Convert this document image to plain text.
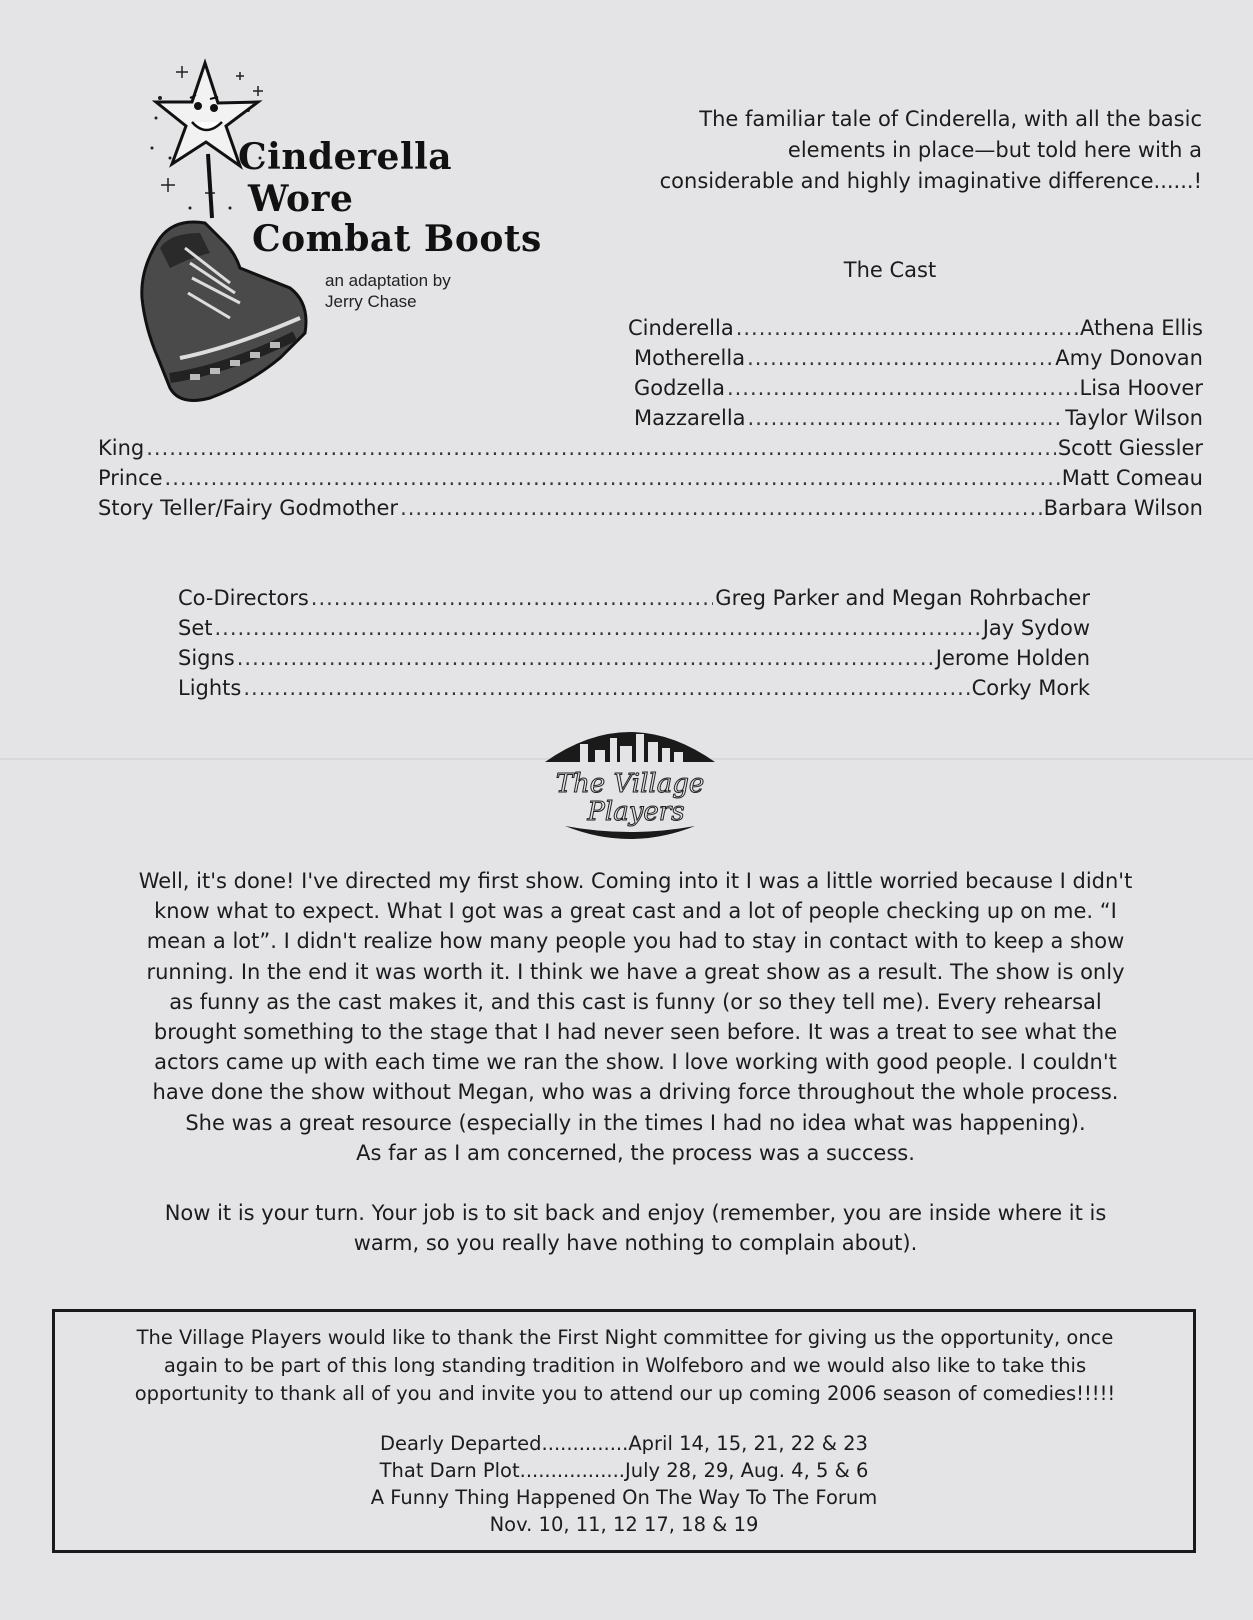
Cinderella
Wore
Combat Boots
an adaptation by
Jerry Chase
The familiar tale of Cinderella, with all the basic
elements in place—but told here with a
considerable and highly imaginative difference......!
The Cast
Cinderella .....	Athena Ellis
Motherella .....	Amy Donovan
Godzella .....	Lisa Hoover
Mazzarella .....	Taylor Wilson
King .....	Scott Giessler
Prince .....	Matt Comeau
Story Teller/Fairy Godmother .....	Barbara Wilson
Co-Directors .....	Greg Parker and Megan Rohrbacher
Set .....	Jay Sydow
Signs .....	Jerome Holden
Lights .....	Corky Mork
The Village
Players
Well, it's done! I've directed my first show. Coming into it I was a little worried because I didn't
know what to expect. What I got was a great cast and a lot of people checking up on me. “I
mean a lot”. I didn't realize how many people you had to stay in contact with to keep a show
running. In the end it was worth it. I think we have a great show as a result. The show is only
as funny as the cast makes it, and this cast is funny (or so they tell me). Every rehearsal
brought something to the stage that I had never seen before. It was a treat to see what the
actors came up with each time we ran the show. I love working with good people. I couldn't
have done the show without Megan, who was a driving force throughout the whole process.
She was a great resource (especially in the times I had no idea what was happening).
As far as I am concerned, the process was a success.
Now it is your turn. Your job is to sit back and enjoy (remember, you are inside where it is
warm, so you really have nothing to complain about).
The Village Players would like to thank the First Night committee for giving us the opportunity, once
again to be part of this long standing tradition in Wolfeboro and we would also like to take this
opportunity to thank all of you and invite you to attend our up coming 2006 season of comedies!!!!!
Dearly Departed..............April 14, 15, 21, 22 & 23
That Darn Plot.................July 28, 29, Aug. 4, 5 & 6
A Funny Thing Happened On The Way To The Forum
Nov. 10, 11, 12 17, 18 & 19
